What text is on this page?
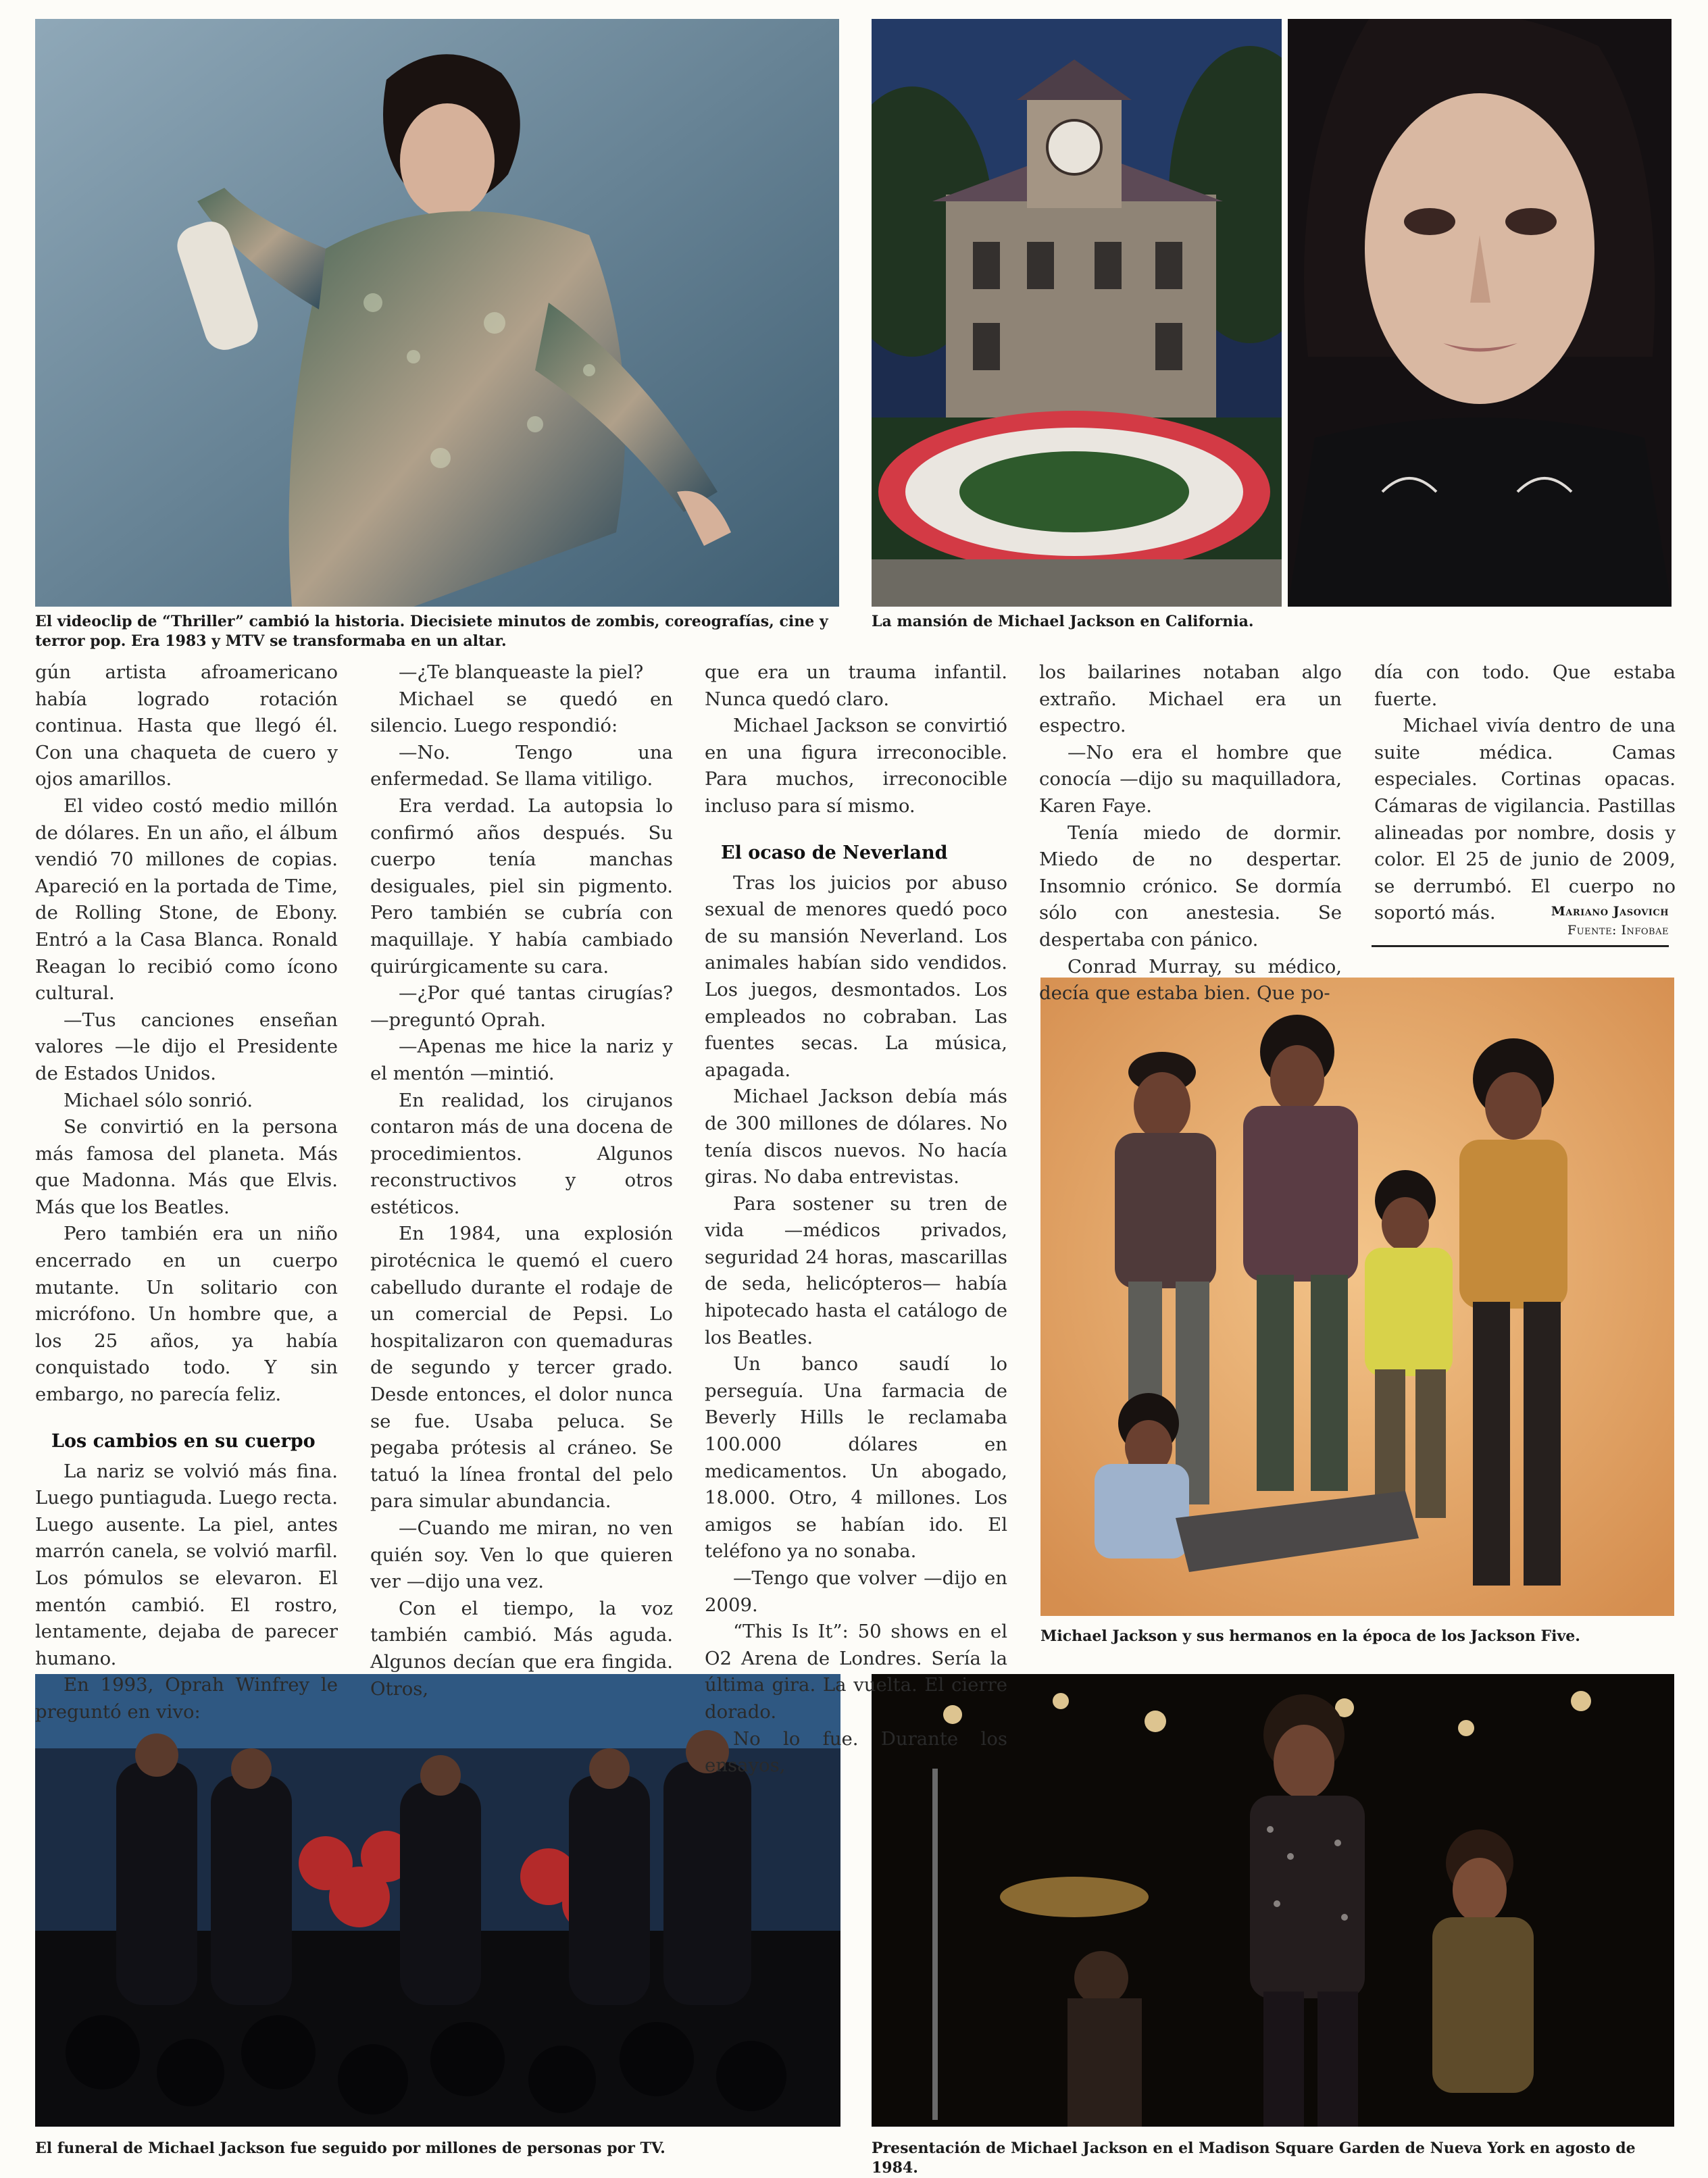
El videoclip de “Thriller” cambió la historia. Diecisiete minutos de zombis, coreografías, cine y terror pop. Era 1983 y MTV se transformaba en un altar.

La mansión de Michael Jackson en California.

Michael Jackson y sus hermanos en la época de los Jackson Five.

El funeral de Michael Jackson fue seguido por millones de personas por TV.	Presentación de Michael Jackson en el Madison Square Garden de Nueva York en agosto de 1984.

gún artista afroamericano había logrado rotación continua. Hasta que llegó él. Con una chaqueta de cuero y ojos amarillos.

El video costó medio millón de dólares. En un año, el álbum vendió 70 millones de copias. Apareció en la portada de Time, de Rolling Stone, de Ebony. Entró a la Casa Blanca. Ronald Reagan lo recibió como ícono cultural.

—Tus canciones enseñan valores —le dijo el Presidente de Estados Unidos.

Michael sólo sonrió.

Se convirtió en la persona más famosa del planeta. Más que Madonna. Más que Elvis. Más que los Beatles.

Pero también era un niño encerrado en un cuerpo mutante. Un solitario con micrófono. Un hombre que, a los 25 años, ya había conquistado todo. Y sin embargo, no parecía feliz.

Los cambios en su cuerpo

La nariz se volvió más fina. Luego puntiaguda. Luego recta. Luego ausente. La piel, antes marrón canela, se volvió marfil. Los pómulos se elevaron. El mentón cambió. El rostro, lentamente, dejaba de parecer humano.

En 1993, Oprah Winfrey le preguntó en vivo:

—¿Te blanqueaste la piel?

Michael se quedó en silencio. Luego respondió:

—No. Tengo una enfermedad. Se llama vitiligo.

Era verdad. La autopsia lo confirmó años después. Su cuerpo tenía manchas desiguales, piel sin pigmento. Pero también se cubría con maquillaje. Y había cambiado quirúrgicamente su cara.

—¿Por qué tantas cirugías? —preguntó Oprah.

—Apenas me hice la nariz y el mentón —mintió.

En realidad, los cirujanos contaron más de una docena de procedimientos. Algunos reconstructivos y otros estéticos.

En 1984, una explosión pirotécnica le quemó el cuero cabelludo durante el rodaje de un comercial de Pepsi. Lo hospitalizaron con quemaduras de segundo y tercer grado. Desde entonces, el dolor nunca se fue. Usaba peluca. Se pegaba prótesis al cráneo. Se tatuó la línea frontal del pelo para simular abundancia.

—Cuando me miran, no ven quién soy. Ven lo que quieren ver —dijo una vez.

Con el tiempo, la voz también cambió. Más aguda. Algunos decían que era fingida. Otros,

que era un trauma infantil. Nunca quedó claro.

Michael Jackson se convirtió en una figura irreconocible. Para muchos, irreconocible incluso para sí mismo.

El ocaso de Neverland

Tras los juicios por abuso sexual de menores quedó poco de su mansión Neverland. Los animales habían sido vendidos. Los juegos, desmontados. Los empleados no cobraban. Las fuentes secas. La música, apagada.

Michael Jackson debía más de 300 millones de dólares. No tenía discos nuevos. No hacía giras. No daba entrevistas.

Para sostener su tren de vida —médicos privados, seguridad 24 horas, mascarillas de seda, helicópteros— había hipotecado hasta el catálogo de los Beatles.

Un banco saudí lo perseguía. Una farmacia de Beverly Hills le reclamaba 100.000 dólares en medicamentos. Un abogado, 18.000. Otro, 4 millones. Los amigos se habían ido. El teléfono ya no sonaba.

—Tengo que volver —dijo en 2009.

“This Is It”: 50 shows en el O2 Arena de Londres. Sería la última gira. La vuelta. El cierre dorado.

No lo fue. Durante los ensayos,

los bailarines notaban algo extraño. Michael era un espectro.

—No era el hombre que conocía —dijo su maquilladora, Karen Faye.

Tenía miedo de dormir. Miedo de no despertar. Insomnio crónico. Se dormía sólo con anestesia. Se despertaba con pánico.

Conrad Murray, su médico, decía que estaba bien. Que po-

día con todo. Que estaba fuerte.

Michael vivía dentro de una suite médica. Camas especiales. Cortinas opacas. Cámaras de vigilancia. Pastillas alineadas por nombre, dosis y color. El 25 de junio de 2009, se derrumbó. El cuerpo no soportó más.	Mariano Jasovich
Fuente: Infobae
